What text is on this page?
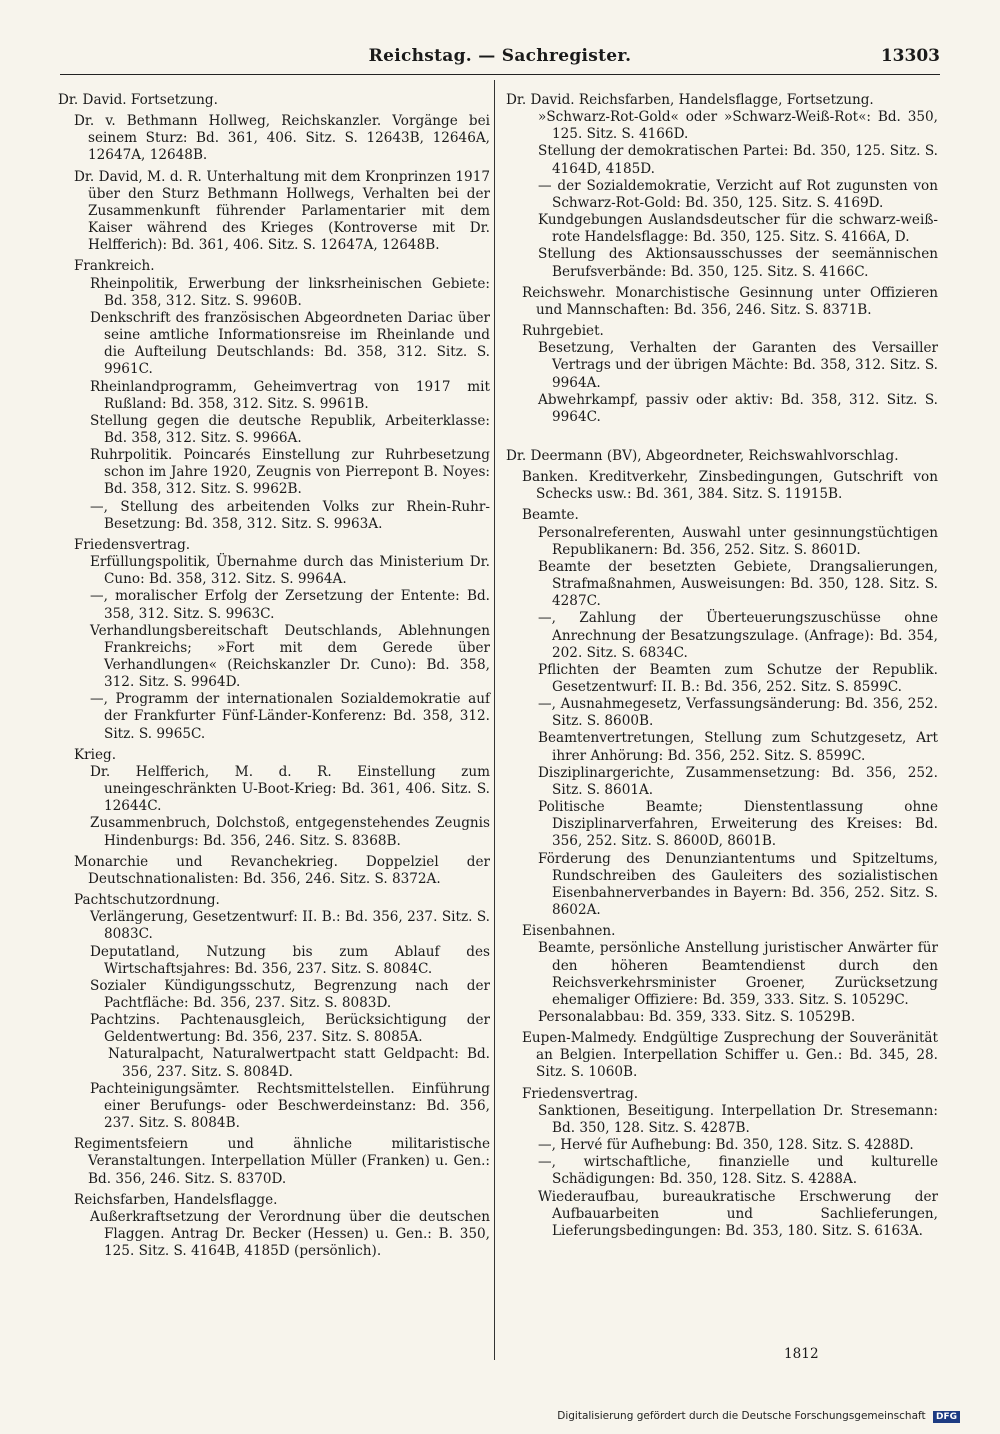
Reichstag. — Sachregister.	13303
Dr. David. Fortsetzung.
Dr. v. Bethmann Hollweg, Reichskanzler. Vorgänge bei seinem Sturz: Bd. 361, 406. Sitz. S. 12643B, 12646A, 12647A, 12648B.
Dr. David, M. d. R. Unterhaltung mit dem Kronprinzen 1917 über den Sturz Bethmann Hollwegs, Verhalten bei der Zusammenkunft führender Parlamentarier mit dem Kaiser während des Krieges (Kontroverse mit Dr. Helfferich): Bd. 361, 406. Sitz. S. 12647A, 12648B.
Frankreich.
Rheinpolitik, Erwerbung der linksrheinischen Gebiete: Bd. 358, 312. Sitz. S. 9960B.
Denkschrift des französischen Abgeordneten Dariac über seine amtliche Informationsreise im Rheinlande und die Aufteilung Deutschlands: Bd. 358, 312. Sitz. S. 9961C.
Rheinlandprogramm, Geheimvertrag von 1917 mit Rußland: Bd. 358, 312. Sitz. S. 9961B.
Stellung gegen die deutsche Republik, Arbeiterklasse: Bd. 358, 312. Sitz. S. 9966A.
Ruhrpolitik. Poincarés Einstellung zur Ruhrbesetzung schon im Jahre 1920, Zeugnis von Pierrepont B. Noyes: Bd. 358, 312. Sitz. S. 9962B.
—, Stellung des arbeitenden Volks zur Rhein-Ruhr-Besetzung: Bd. 358, 312. Sitz. S. 9963A.
Friedensvertrag.
Erfüllungspolitik, Übernahme durch das Ministerium Dr. Cuno: Bd. 358, 312. Sitz. S. 9964A.
—, moralischer Erfolg der Zersetzung der Entente: Bd. 358, 312. Sitz. S. 9963C.
Verhandlungsbereitschaft Deutschlands, Ablehnungen Frankreichs; »Fort mit dem Gerede über Verhandlungen« (Reichskanzler Dr. Cuno): Bd. 358, 312. Sitz. S. 9964D.
—, Programm der internationalen Sozialdemokratie auf der Frankfurter Fünf-Länder-Konferenz: Bd. 358, 312. Sitz. S. 9965C.
Krieg.
Dr. Helfferich, M. d. R. Einstellung zum uneingeschränkten U-Boot-Krieg: Bd. 361, 406. Sitz. S. 12644C.
Zusammenbruch, Dolchstoß, entgegenstehendes Zeugnis Hindenburgs: Bd. 356, 246. Sitz. S. 8368B.
Monarchie und Revanchekrieg. Doppelziel der Deutschnationalisten: Bd. 356, 246. Sitz. S. 8372A.
Pachtschutzordnung.
Verlängerung, Gesetzentwurf: II. B.: Bd. 356, 237. Sitz. S. 8083C.
Deputatland, Nutzung bis zum Ablauf des Wirtschaftsjahres: Bd. 356, 237. Sitz. S. 8084C.
Sozialer Kündigungsschutz, Begrenzung nach der Pachtfläche: Bd. 356, 237. Sitz. S. 8083D.
Pachtzins. Pachtenausgleich, Berücksichtigung der Geldentwertung: Bd. 356, 237. Sitz. S. 8085A.
Naturalpacht, Naturalwertpacht statt Geldpacht: Bd. 356, 237. Sitz. S. 8084D.
Pachteinigungsämter. Rechtsmittelstellen. Einführung einer Berufungs- oder Beschwerdeinstanz: Bd. 356, 237. Sitz. S. 8084B.
Regimentsfeiern und ähnliche militaristische Veranstaltungen. Interpellation Müller (Franken) u. Gen.: Bd. 356, 246. Sitz. S. 8370D.
Reichsfarben, Handelsflagge.
Außerkraftsetzung der Verordnung über die deutschen Flaggen. Antrag Dr. Becker (Hessen) u. Gen.: B. 350, 125. Sitz. S. 4164B, 4185D (persönlich).
Dr. David. Reichsfarben, Handelsflagge, Fortsetzung.
»Schwarz-Rot-Gold« oder »Schwarz-Weiß-Rot«: Bd. 350, 125. Sitz. S. 4166D.
Stellung der demokratischen Partei: Bd. 350, 125. Sitz. S. 4164D, 4185D.
— der Sozialdemokratie, Verzicht auf Rot zugunsten von Schwarz-Rot-Gold: Bd. 350, 125. Sitz. S. 4169D.
Kundgebungen Auslandsdeutscher für die schwarz-weiß-rote Handelsflagge: Bd. 350, 125. Sitz. S. 4166A, D.
Stellung des Aktionsausschusses der seemännischen Berufsverbände: Bd. 350, 125. Sitz. S. 4166C.
Reichswehr. Monarchistische Gesinnung unter Offizieren und Mannschaften: Bd. 356, 246. Sitz. S. 8371B.
Ruhrgebiet.
Besetzung, Verhalten der Garanten des Versailler Vertrags und der übrigen Mächte: Bd. 358, 312. Sitz. S. 9964A.
Abwehrkampf, passiv oder aktiv: Bd. 358, 312. Sitz. S. 9964C.
Dr. Deermann (BV), Abgeordneter, Reichswahlvorschlag.
Banken. Kreditverkehr, Zinsbedingungen, Gutschrift von Schecks usw.: Bd. 361, 384. Sitz. S. 11915B.
Beamte.
Personalreferenten, Auswahl unter gesinnungstüchtigen Republikanern: Bd. 356, 252. Sitz. S. 8601D.
Beamte der besetzten Gebiete, Drangsalierungen, Strafmaßnahmen, Ausweisungen: Bd. 350, 128. Sitz. S. 4287C.
—, Zahlung der Überteuerungszuschüsse ohne Anrechnung der Besatzungszulage. (Anfrage): Bd. 354, 202. Sitz. S. 6834C.
Pflichten der Beamten zum Schutze der Republik. Gesetzentwurf: II. B.: Bd. 356, 252. Sitz. S. 8599C.
—, Ausnahmegesetz, Verfassungsänderung: Bd. 356, 252. Sitz. S. 8600B.
Beamtenvertretungen, Stellung zum Schutzgesetz, Art ihrer Anhörung: Bd. 356, 252. Sitz. S. 8599C.
Disziplinargerichte, Zusammensetzung: Bd. 356, 252. Sitz. S. 8601A.
Politische Beamte; Dienstentlassung ohne Disziplinarverfahren, Erweiterung des Kreises: Bd. 356, 252. Sitz. S. 8600D, 8601B.
Förderung des Denunziantentums und Spitzeltums, Rundschreiben des Gauleiters des sozialistischen Eisenbahnerverbandes in Bayern: Bd. 356, 252. Sitz. S. 8602A.
Eisenbahnen.
Beamte, persönliche Anstellung juristischer Anwärter für den höheren Beamtendienst durch den Reichsverkehrsminister Groener, Zurücksetzung ehemaliger Offiziere: Bd. 359, 333. Sitz. S. 10529C.
Personalabbau: Bd. 359, 333. Sitz. S. 10529B.
Eupen-Malmedy. Endgültige Zusprechung der Souveränität an Belgien. Interpellation Schiffer u. Gen.: Bd. 345, 28. Sitz. S. 1060B.
Friedensvertrag.
Sanktionen, Beseitigung. Interpellation Dr. Stresemann: Bd. 350, 128. Sitz. S. 4287B.
—, Hervé für Aufhebung: Bd. 350, 128. Sitz. S. 4288D.
—, wirtschaftliche, finanzielle und kulturelle Schädigungen: Bd. 350, 128. Sitz. S. 4288A.
Wiederaufbau, bureaukratische Erschwerung der Aufbauarbeiten und Sachlieferungen, Lieferungsbedingungen: Bd. 353, 180. Sitz. S. 6163A.
1812
Digitalisierung gefördert durch die Deutsche Forschungsgemeinschaft DFG
